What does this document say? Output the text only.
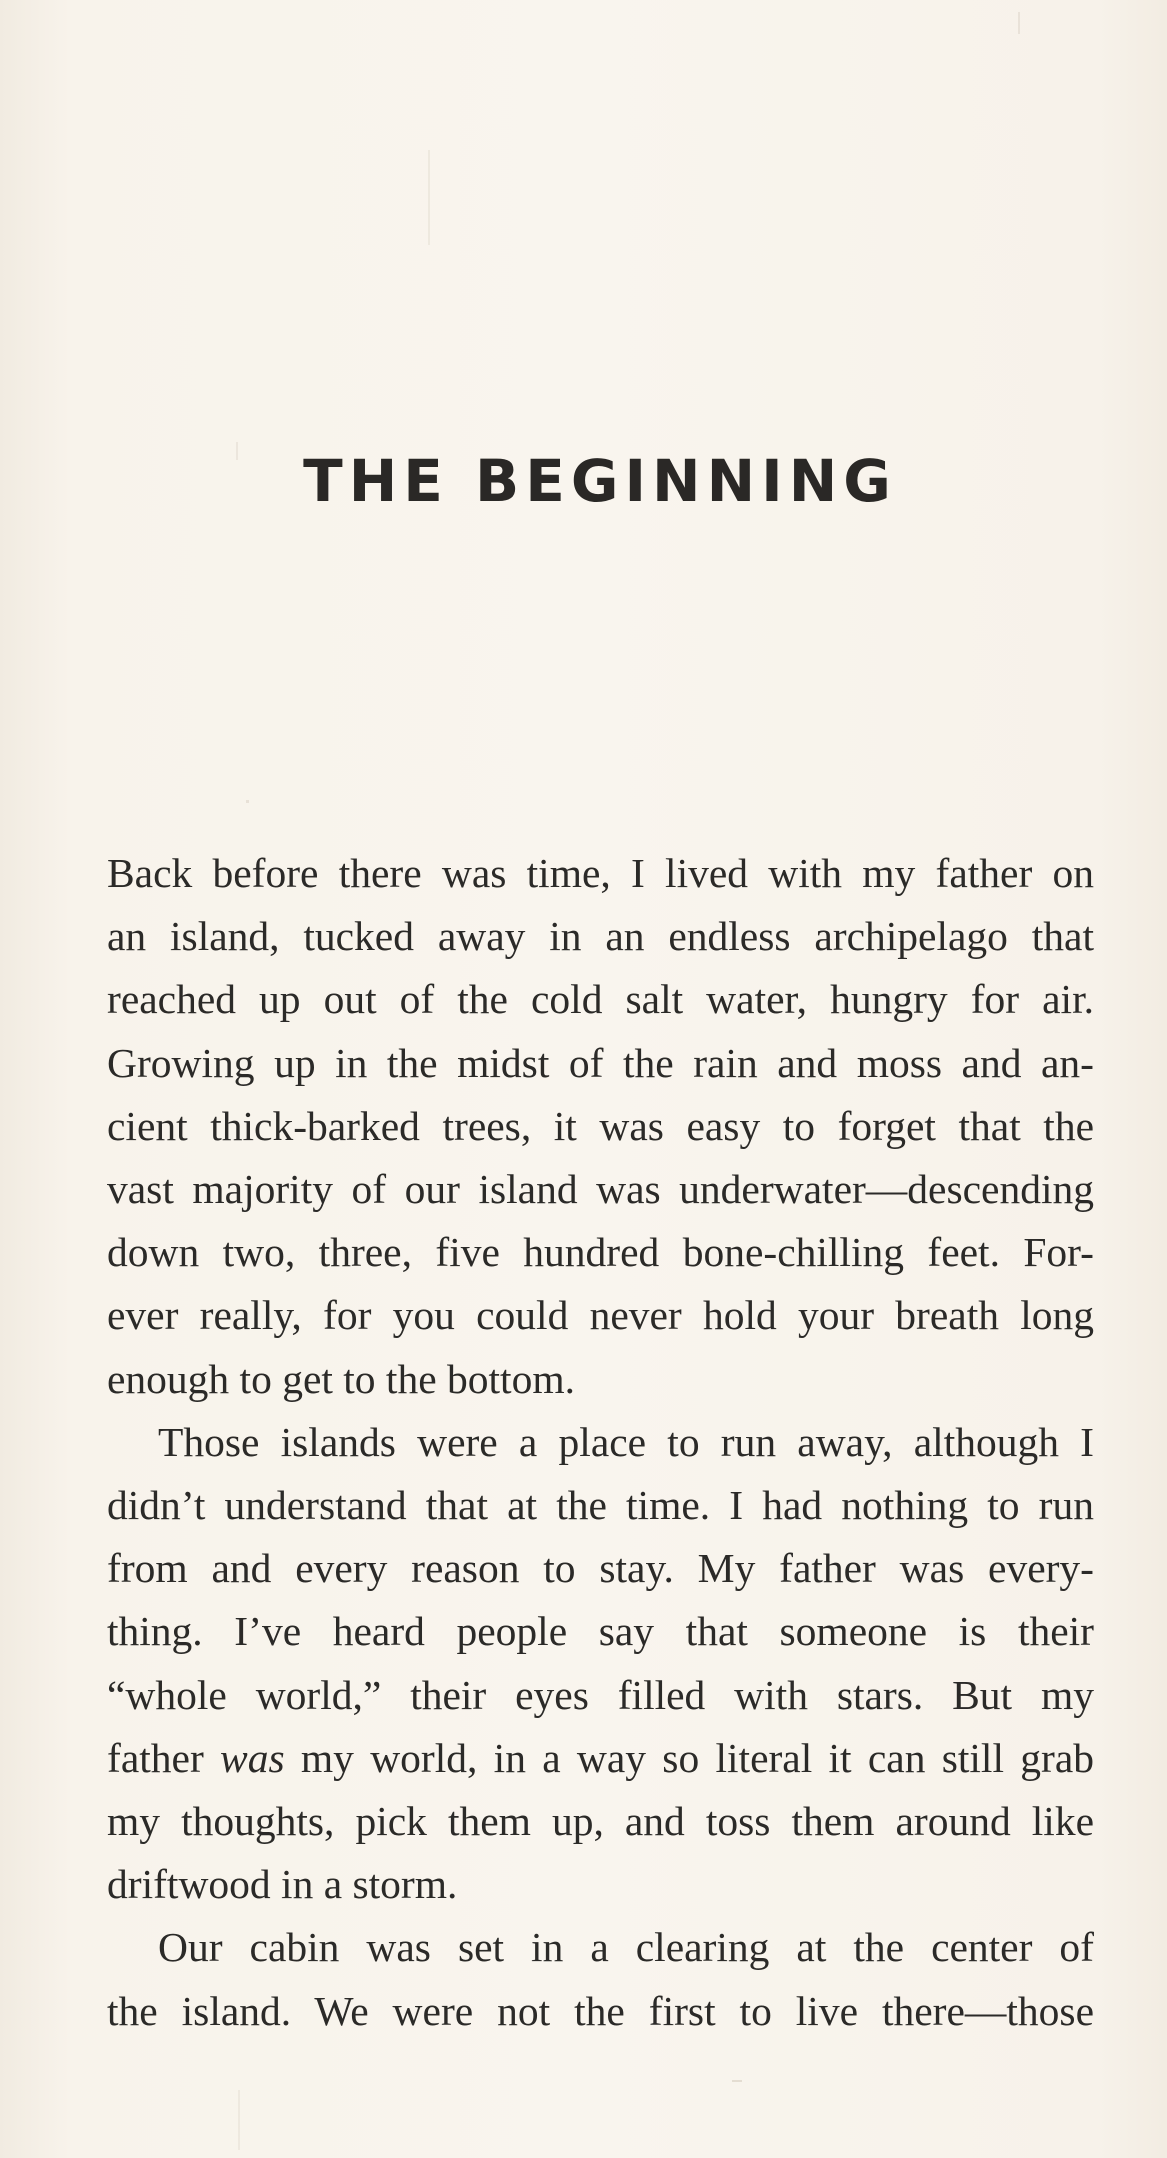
THE BEGINNING
Back before there was time, I lived with my father on
an island, tucked away in an endless archipelago that
reached up out of the cold salt water, hungry for air.
Growing up in the midst of the rain and moss and an-
cient thick-barked trees, it was easy to forget that the
vast majority of our island was underwater—descending
down two, three, five hundred bone-chilling feet. For-
ever really, for you could never hold your breath long
enough to get to the bottom.
Those islands were a place to run away, although I
didn’t understand that at the time. I had nothing to run
from and every reason to stay. My father was every-
thing. I’ve heard people say that someone is their
“whole world,” their eyes filled with stars. But my
father was my world, in a way so literal it can still grab
my thoughts, pick them up, and toss them around like
driftwood in a storm.
Our cabin was set in a clearing at the center of
the island. We were not the first to live there—those
